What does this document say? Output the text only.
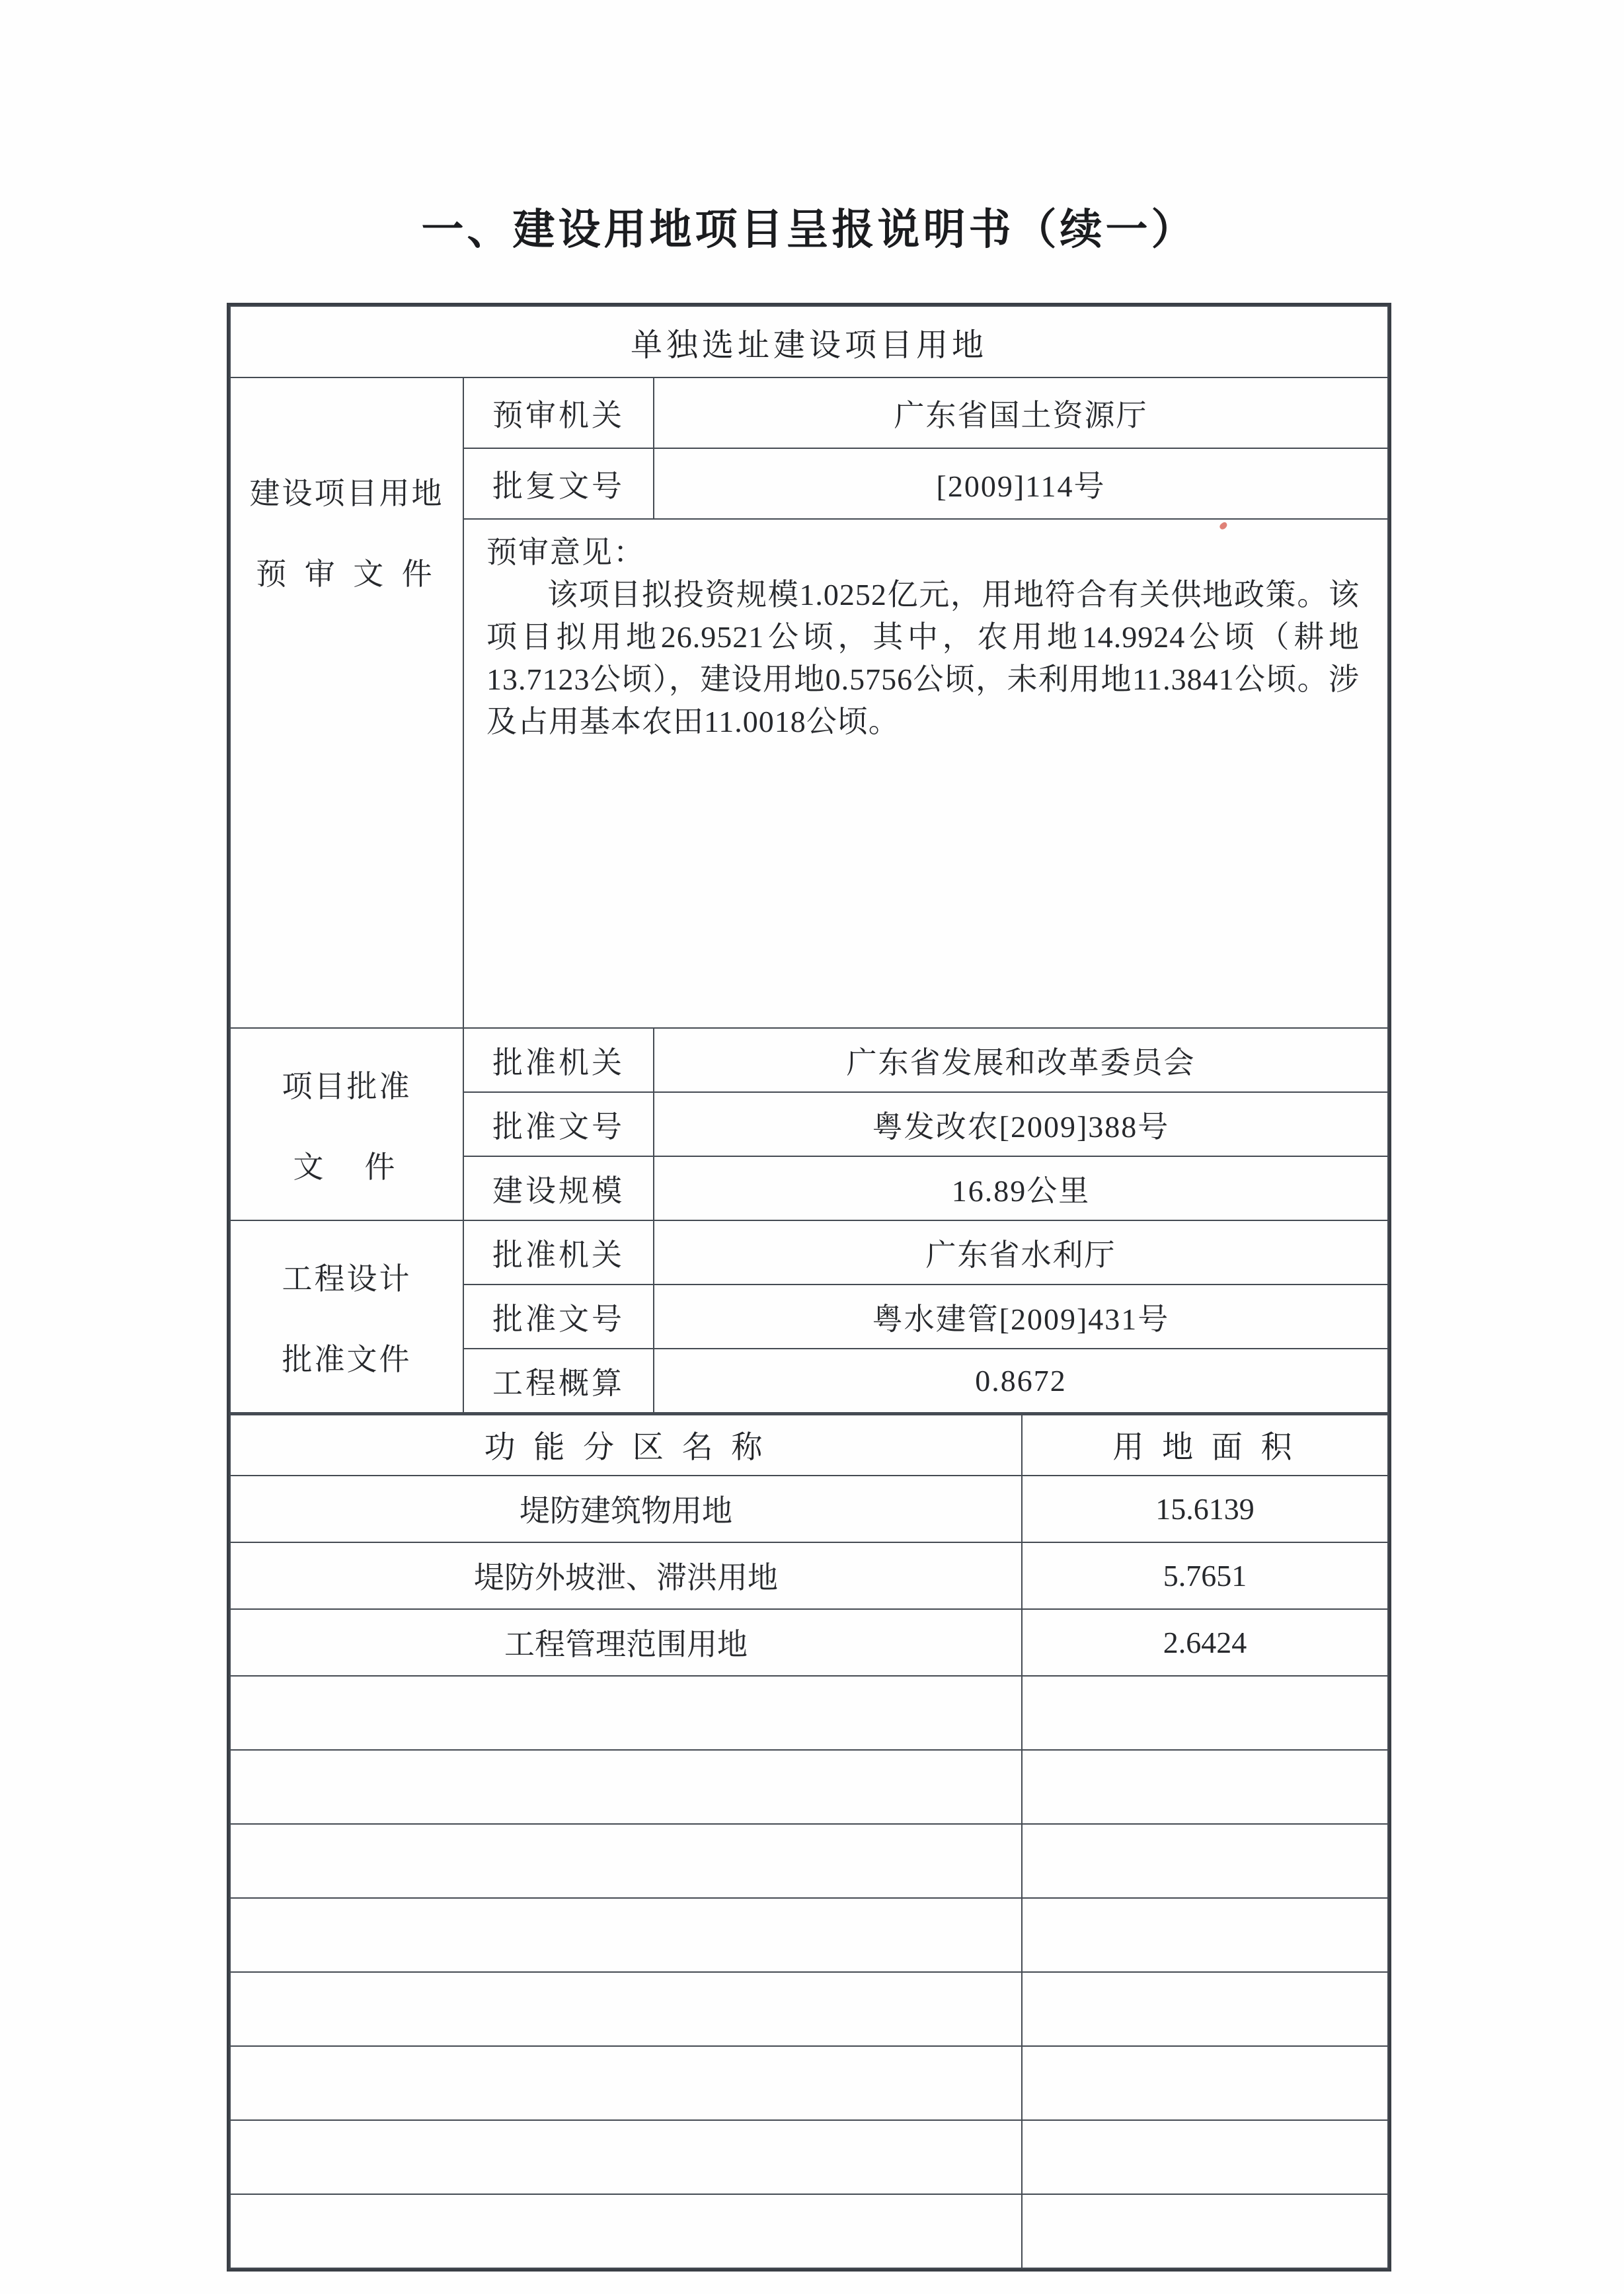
一、建设用地项目呈报说明书（续一）
单独选址建设项目用地		

建设项目用地
预 审 文 件	预审机关	广东省国土资源厅
	批复文号	[2009]114号

	预审意见：
该项目拟投资规模1.0252亿元，用地符合有关供地政策。该项目拟用地26.9521公顷，其中，农用地14.9924公顷（耕地13.7123公顷），建设用地0.5756公顷，未利用地11.3841公顷。涉及占用基本农田11.0018公顷。	

项目批准
文　件	批准机关	广东省发展和改革委员会
	批准文号	粤发改农[2009]388号
	建设规模	16.89公里

工程设计
批准文件	批准机关	广东省水利厅
	批准文号	粤水建管[2009]431号
	工程概算	0.8672
功 能 分 区 名 称	用 地 面 积
堤防建筑物用地	15.6139
堤防外坡泄、滞洪用地	5.7651
工程管理范围用地	2.6424
